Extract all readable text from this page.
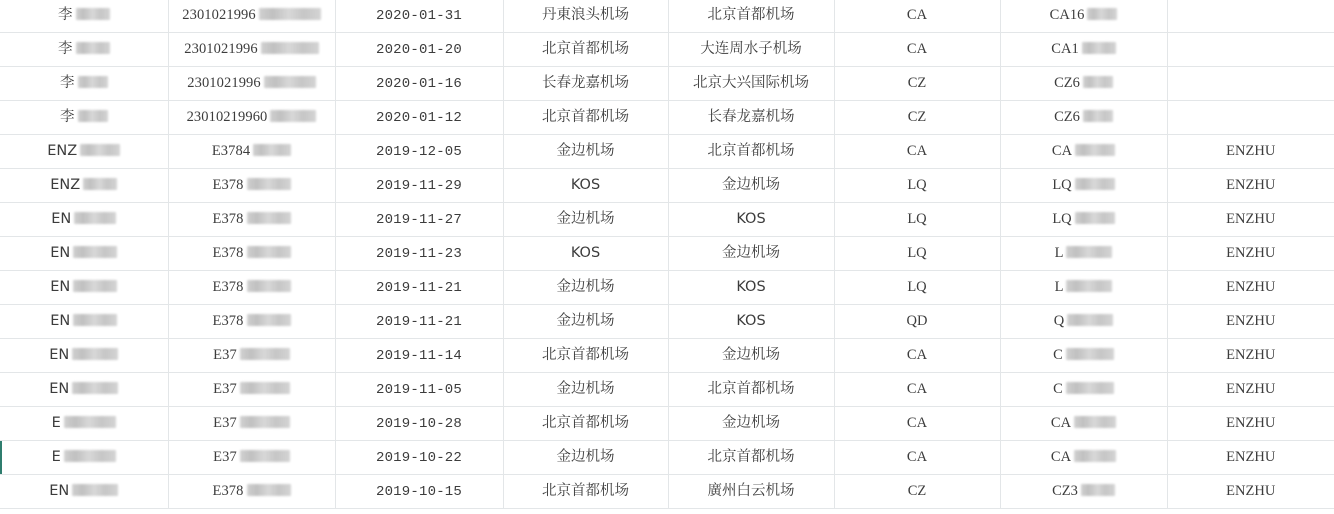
李	2301021996	2020-01-31	丹東浪头机场	北京首都机场	CA	CA16	

李	2301021996	2020-01-20	北京首都机场	大连周水子机场	CA	CA1	

李	2301021996	2020-01-16	长春龙嘉机场	北京大兴国际机场	CZ	CZ6	

李	23010219960	2020-01-12	北京首都机场	长春龙嘉机场	CZ	CZ6	

ENZ	E3784	2019-12-05	金边机场	北京首都机场	CA	CA	ENZHU

ENZ	E378	2019-11-29	KOS	金边机场	LQ	LQ	ENZHU

EN	E378	2019-11-27	金边机场	KOS	LQ	LQ	ENZHU

EN	E378	2019-11-23	KOS	金边机场	LQ	L	ENZHU

EN	E378	2019-11-21	金边机场	KOS	LQ	L	ENZHU

EN	E378	2019-11-21	金边机场	KOS	QD	Q	ENZHU

EN	E37	2019-11-14	北京首都机场	金边机场	CA	C	ENZHU

EN	E37	2019-11-05	金边机场	北京首都机场	CA	C	ENZHU

E	E37	2019-10-28	北京首都机场	金边机场	CA	CA	ENZHU

E	E37	2019-10-22	金边机场	北京首都机场	CA	CA	ENZHU

EN	E378	2019-10-15	北京首都机场	廣州白云机场	CZ	CZ3	ENZHU
